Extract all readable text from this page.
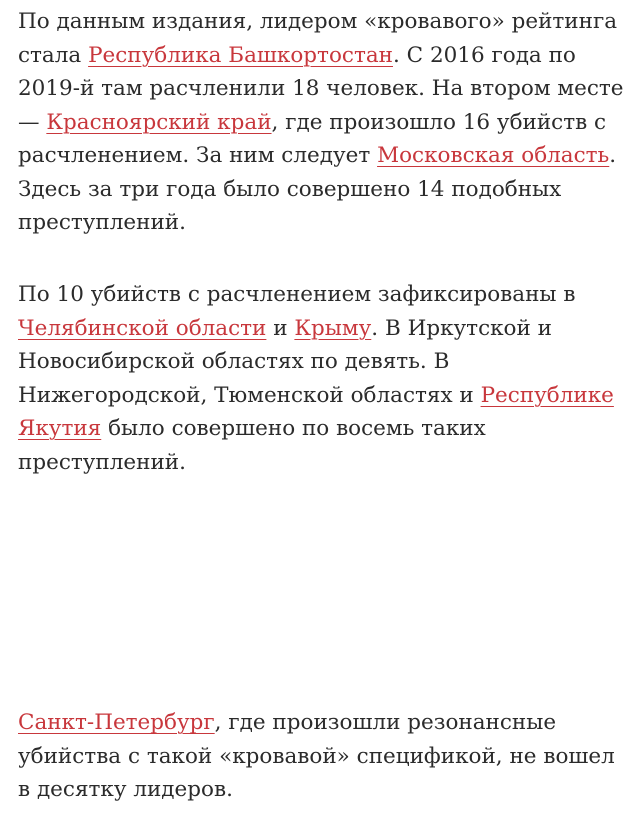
По данным издания, лидером «кровавого» рейтинга стала Республика Башкортостан. С 2016 года по 2019-й там расчленили 18 человек. На втором месте — Красноярский край, где произошло 16 убийств с расчленением. За ним следует Московская область. Здесь за три года было совершено 14 подобных преступлений.

По 10 убийств с расчленением зафиксированы в Челябинской области и Крыму. В Иркутской и Новосибирской областях по девять. В Нижегородской, Тюменской областях и Республике Якутия было совершено по восемь таких преступлений.

Санкт-Петербург, где произошли резонансные убийства с такой «кровавой» спецификой, не вошел в десятку лидеров.
